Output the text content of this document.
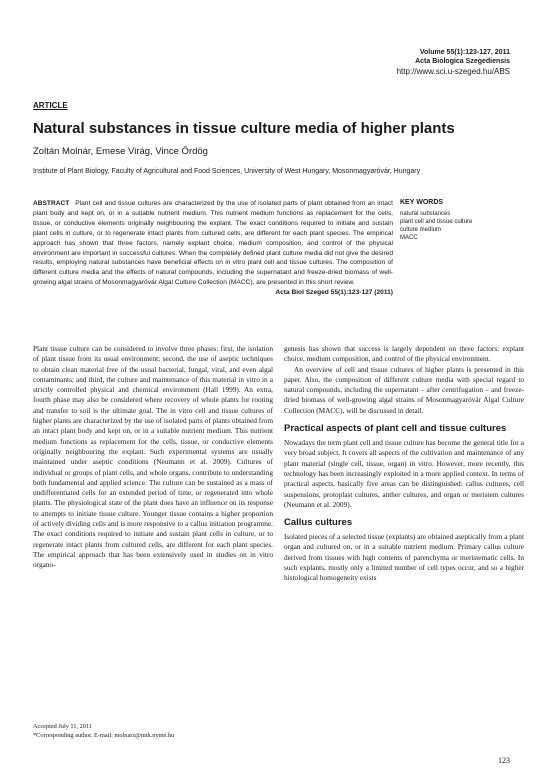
Volume 55(1):123-127, 2011
Acta Biologica Szegediensis
http://www.sci.u-szeged.hu/ABS
ARTICLE
Natural substances in tissue culture media of higher plants
Zoltán Molnár, Emese Virág, Vince Ördög
Institute of Plant Biology, Faculty of Agricultural and Food Sciences, University of West Hungary, Mosonmagyaróvár, Hungary
ABSTRACT Plant cell and tissue cultures are characterized by the use of isolated parts of plant obtained from an intact plant body and kept on, or in a suitable nutrient medium. This nutrient medium functions as replacement for the cells, tissue, or conductive elements originally neighbouring the explant. The exact conditions required to initiate and sustain plant cells in culture, or to regenerate intact plants from cultured cells, are different for each plant species. The empirical approach has shown that three factors, namely explant choice, medium composition, and control of the physical environment are important in successful cultures. When the completely defined plant culture media did not give the desired results, employing natural substances have beneficial effects on in vitro plant cell and tissue cultures. The composition of different culture media and the effects of natural compounds, including the supernatant and freeze-dried biomass of well-growing algal strains of Mosonmagyaróvár Algal Culture Collection (MACC), are presented in this short review.
Acta Biol Szeged 55(1):123-127 (2011)
KEY WORDS
natural substances
plant cell and tissue culture
culture medium
MACC

Plant tissue culture can be considered to involve three phases: first, the isolation of plant tissue from its usual environment; second, the use of aseptic techniques to obtain clean material free of the usual bacterial, fungal, viral, and even algal contaminants; and third, the culture and maintenance of this material in vitro in a strictly controlled physical and chemical environment (Hall 1999). An extra, fourth phase may also be considered where recovery of whole plants for rooting and transfer to soil is the ultimate goal. The in vitro cell and tissue cultures of higher plants are characterized by the use of isolated parts of plants obtained from an intact plant body and kept on, or in a suitable nutrient medium. This nutrient medium functions as replacement for the cells, tissue, or conductive elements originally neighbouring the explant. Such experimental systems are usually maintained under aseptic conditions (Neumann et al. 2009). Cultures of individual or groups of plant cells, and whole organs, contribute to understanding both fundamental and applied science. The culture can be sustained as a mass of undifferentiated cells for an extended period of time, or regenerated into whole plants. The physiological state of the plant does have an influence on its response to attempts to initiate tissue culture. Younger tissue contains a higher proportion of actively dividing cells and is more responsive to a callus initiation programme. The exact conditions required to initiate and sustain plant cells in culture, or to regenerate intact plants from cultured cells, are different for each plant species. The empirical approach that has been extensively used in studies on in vitro organo-

genesis has shown that success is largely dependent on three factors: explant choice, medium composition, and control of the physical environment.

An overview of cell and tissue cultures of higher plants is presented in this paper. Also, the composition of different culture media with special regard to natural compounds, including the supernatant – after centrifugation – and freeze-dried biomass of well-growing algal strains of Mosonmagyaróvár Algal Culture Collection (MACC), will be discussed in detail.

Practical aspects of plant cell and tissue cultures

Nowadays the term plant cell and tissue culture has become the general title for a very broad subject. It covers all aspects of the cultivation and maintenance of any plant material (single cell, tissue, organ) in vitro. However, more recently, this technology has been increasingly exploited in a more applied context. In terms of practical aspects, basically five areas can be distinguished: callus cultures, cell suspensions, protoplast cultures, anther cultures, and organ or meristem cultures (Neumann et al. 2009).

Callus cultures

Isolated pieces of a selected tissue (explants) are obtained aseptically from a plant organ and cultured on, or in a suitable nutrient medium. Primary callus culture derived from tissues with high contents of parenchyma or meristematic cells. In such explants, mostly only a limited number of cell types occur, and so a higher histological homogeneity exists

Accepted July 11, 2011
*Corresponding author. E-mail: molnarz@mtk.nyme.hu
123
